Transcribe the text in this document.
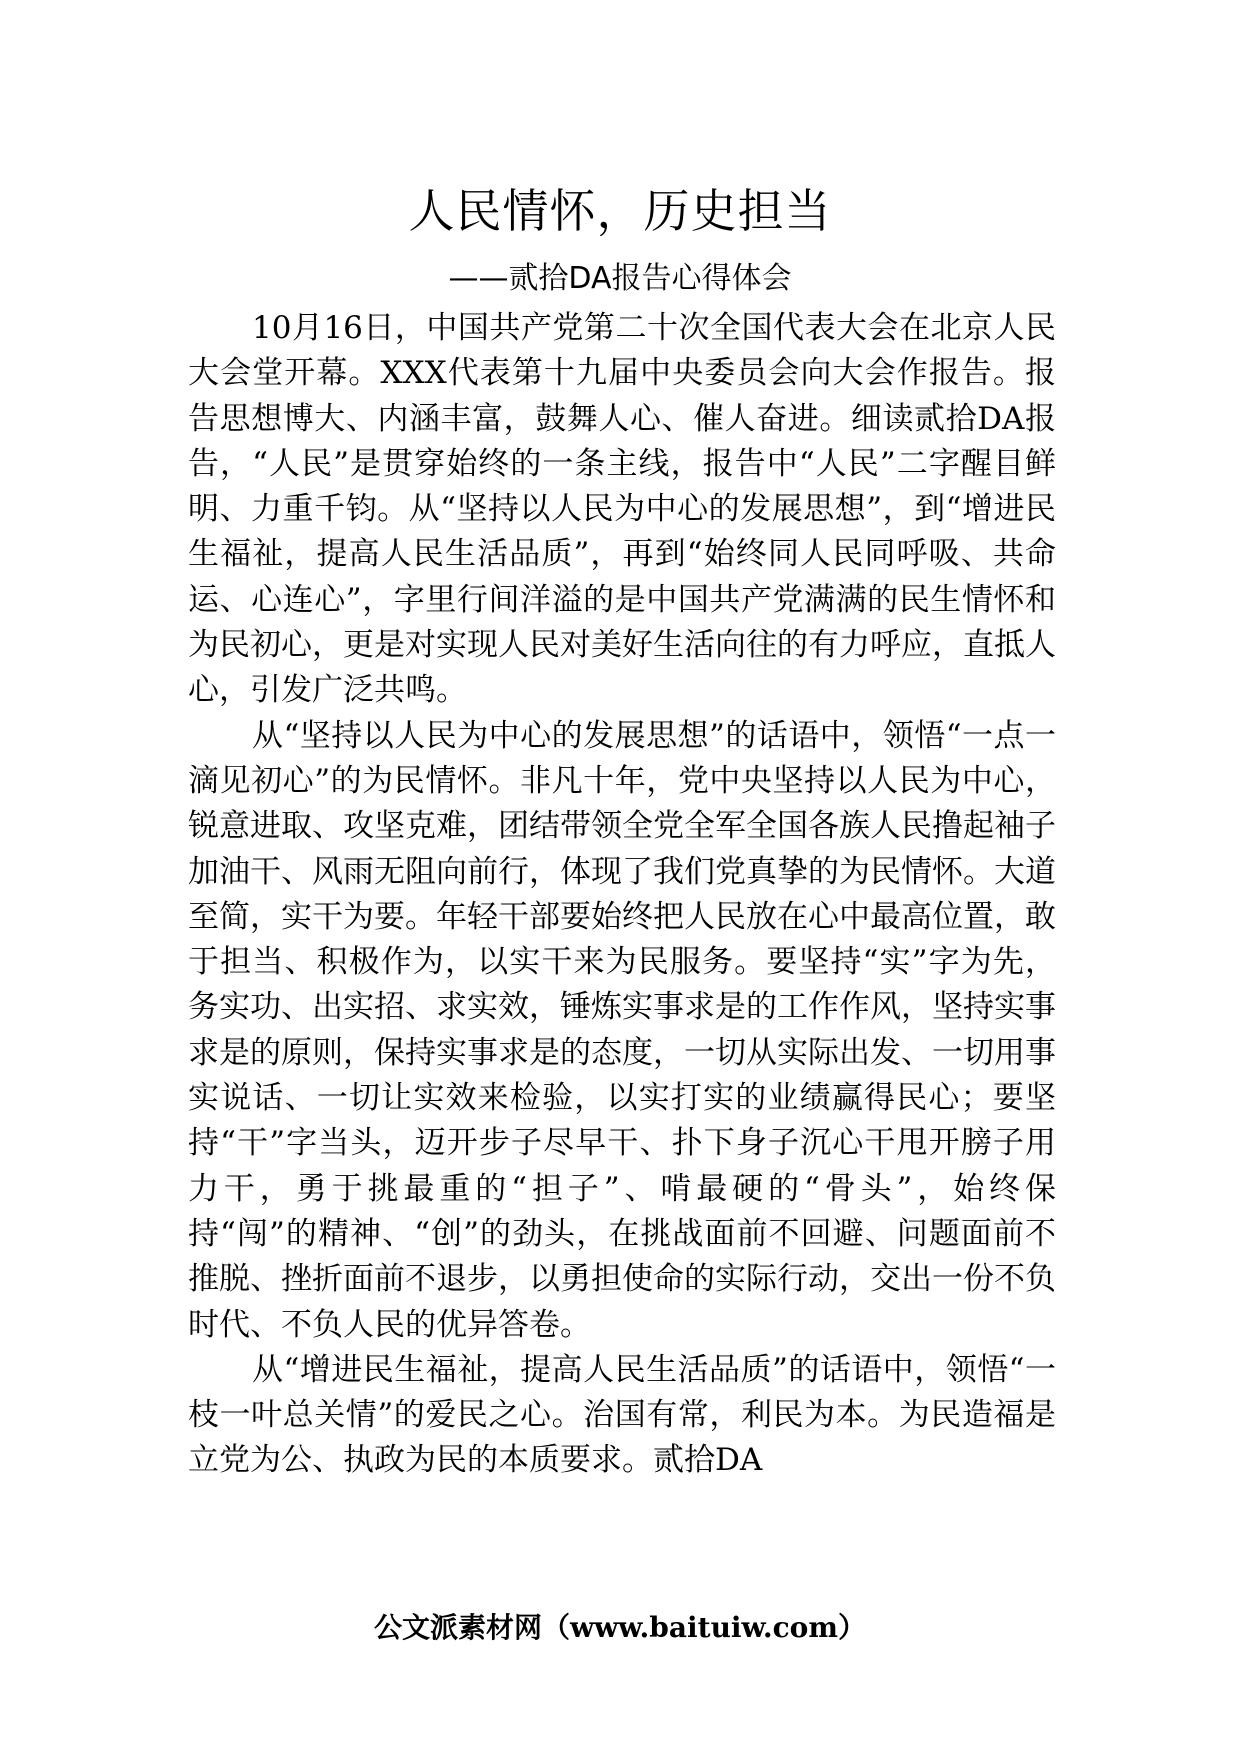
人民情怀，历史担当
——贰拾DA报告心得体会

10月16日，中国共产党第二十次全国代表大会在北京人民大会堂开幕。XXX代表第十九届中央委员会向大会作报告。报告思想博大、内涵丰富，鼓舞人心、催人奋进。细读贰拾DA报告，“人民”是贯穿始终的一条主线，报告中“人民”二字醒目鲜明、力重千钧。从“坚持以人民为中心的发展思想”，到“增进民生福祉，提高人民生活品质”，再到“始终同人民同呼吸、共命运、心连心”，字里行间洋溢的是中国共产党满满的民生情怀和为民初心，更是对实现人民对美好生活向往的有力呼应，直抵人心，引发广泛共鸣。

从“坚持以人民为中心的发展思想”的话语中，领悟“一点一滴见初心”的为民情怀。非凡十年，党中央坚持以人民为中心，锐意进取、攻坚克难，团结带领全党全军全国各族人民撸起袖子加油干、风雨无阻向前行，体现了我们党真挚的为民情怀。大道至简，实干为要。年轻干部要始终把人民放在心中最高位置，敢于担当、积极作为，以实干来为民服务。要坚持“实”字为先，务实功、出实招、求实效，锤炼实事求是的工作作风，坚持实事求是的原则，保持实事求是的态度，一切从实际出发、一切用事实说话、一切让实效来检验，以实打实的业绩赢得民心；要坚持“干”字当头，迈开步子尽早干、扑下身子沉心干甩开膀子用力干，勇于挑最重的“担子”、啃最硬的“骨头”，始终保持“闯”的精神、“创”的劲头，在挑战面前不回避、问题面前不推脱、挫折面前不退步，以勇担使命的实际行动，交出一份不负时代、不负人民的优异答卷。

从“增进民生福祉，提高人民生活品质”的话语中，领悟“一枝一叶总关情”的爱民之心。治国有常，利民为本。为民造福是立党为公、执政为民的本质要求。贰拾DA

公文派素材网（www.baituiw.com）
